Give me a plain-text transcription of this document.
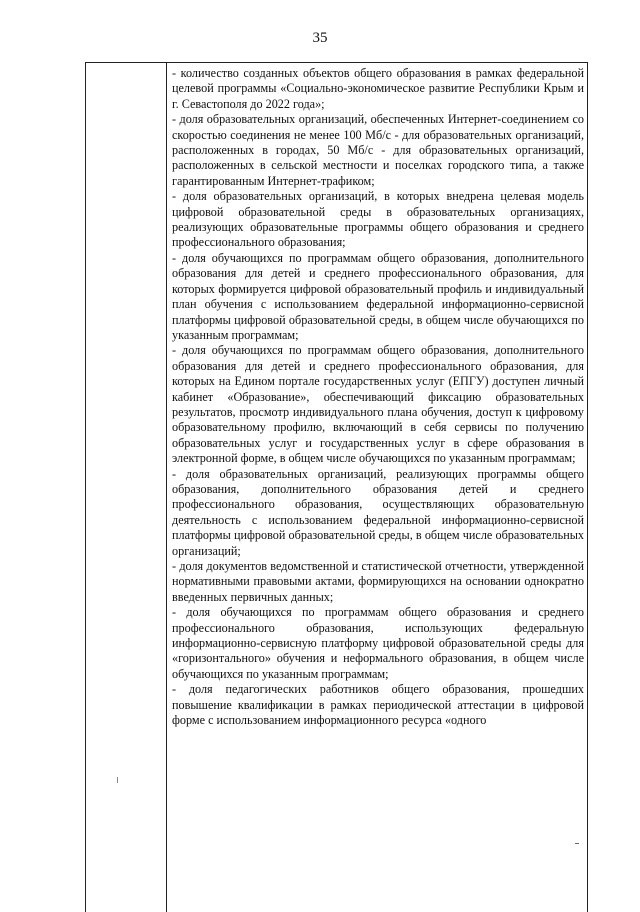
35

- количество созданных объектов общего образования в рамках федеральной целевой программы «Социально-экономическое развитие Республики Крым и г. Севастополя до 2022 года»;

- доля образовательных организаций, обеспеченных Интернет-соединением со скоростью соединения не менее 100 Мб/с - для образовательных организаций, расположенных в городах, 50 Мб/с - для образовательных организаций, расположенных в сельской местности и поселках городского типа, а также гарантированным Интернет-трафиком;

- доля образовательных организаций, в которых внедрена целевая модель цифровой образовательной среды в образовательных организациях, реализующих образовательные программы общего образования и среднего профессионального образования;

- доля обучающихся по программам общего образования, дополнительного образования для детей и среднего профессионального образования, для которых формируется цифровой образовательный профиль и индивидуальный план обучения с использованием федеральной информационно-сервисной платформы цифровой образовательной среды, в общем числе обучающихся по указанным программам;

- доля обучающихся по программам общего образования, дополнительного образования для детей и среднего профессионального образования, для которых на Едином портале государственных услуг (ЕПГУ) доступен личный кабинет «Образование», обеспечивающий фиксацию образовательных результатов, просмотр индивидуального плана обучения, доступ к цифровому образовательному профилю, включающий в себя сервисы по получению образовательных услуг и государственных услуг в сфере образования в электронной форме, в общем числе обучающихся по указанным программам;

- доля образовательных организаций, реализующих программы общего образования, дополнительного образования детей и среднего профессионального образования, осуществляющих образовательную деятельность с использованием федеральной информационно-сервисной платформы цифровой образовательной среды, в общем числе образовательных организаций;

- доля документов ведомственной и статистической отчетности, утвержденной нормативными правовыми актами, формирующихся на основании однократно введенных первичных данных;

- доля обучающихся по программам общего образования и среднего профессионального образования, использующих федеральную информационно-сервисную платформу цифровой образовательной среды для «горизонтального» обучения и неформального образования, в общем числе обучающихся по указанным программам;

- доля педагогических работников общего образования, прошедших повышение квалификации в рамках периодической аттестации в цифровой форме с использованием информационного ресурса «одного
